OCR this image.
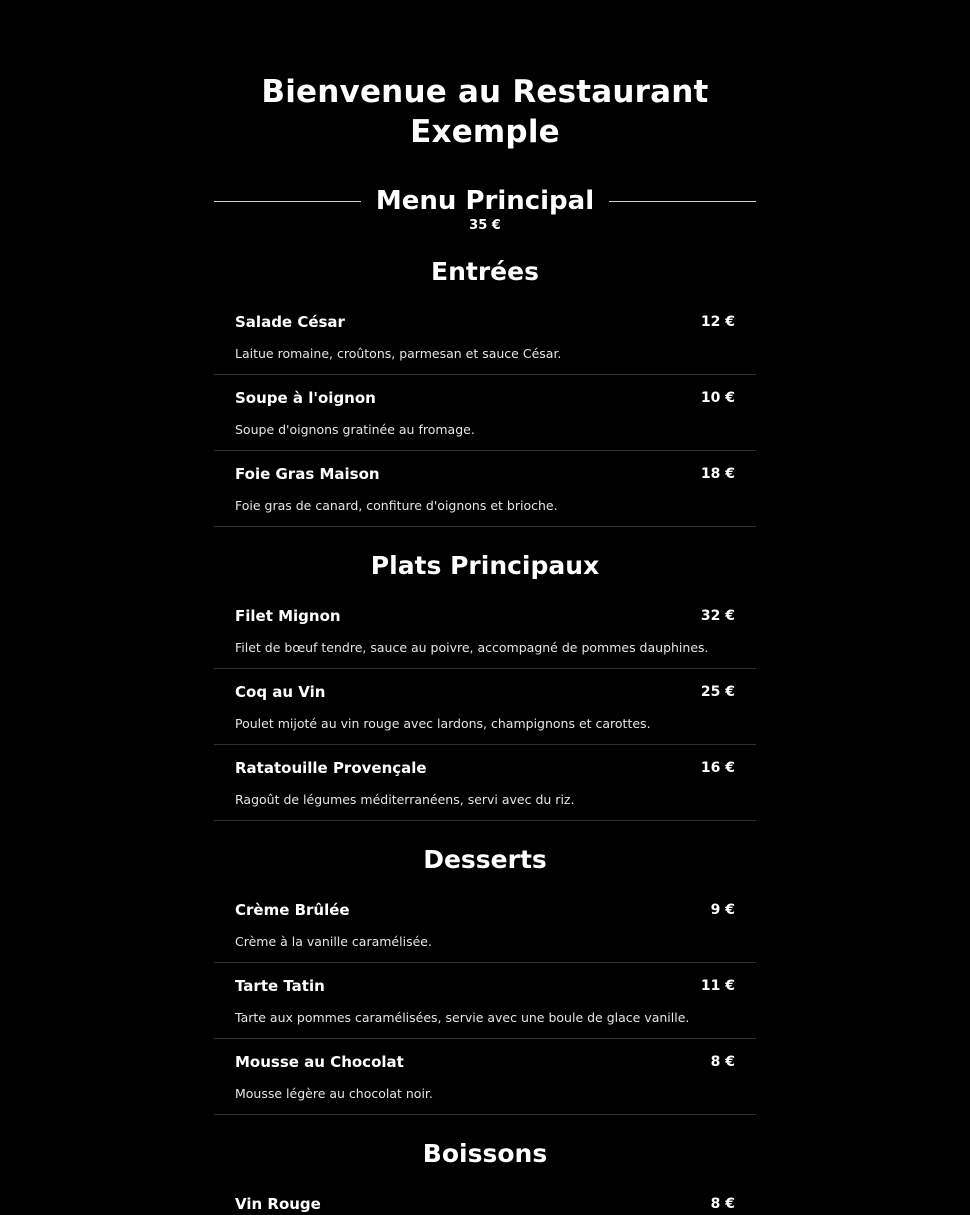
Bienvenue au Restaurant Exemple
Menu Principal
35 €
Entrées
Salade César	12 €
Laitue romaine, croûtons, parmesan et sauce César.
Soupe à l'oignon	10 €
Soupe d'oignons gratinée au fromage.
Foie Gras Maison	18 €
Foie gras de canard, confiture d'oignons et brioche.
Plats Principaux
Filet Mignon	32 €
Filet de bœuf tendre, sauce au poivre, accompagné de pommes dauphines.
Coq au Vin	25 €
Poulet mijoté au vin rouge avec lardons, champignons et carottes.
Ratatouille Provençale	16 €
Ragoût de légumes méditerranéens, servi avec du riz.
Desserts
Crème Brûlée	9 €
Crème à la vanille caramélisée.
Tarte Tatin	11 €
Tarte aux pommes caramélisées, servie avec une boule de glace vanille.
Mousse au Chocolat	8 €
Mousse légère au chocolat noir.
Boissons
Vin Rouge	8 €
